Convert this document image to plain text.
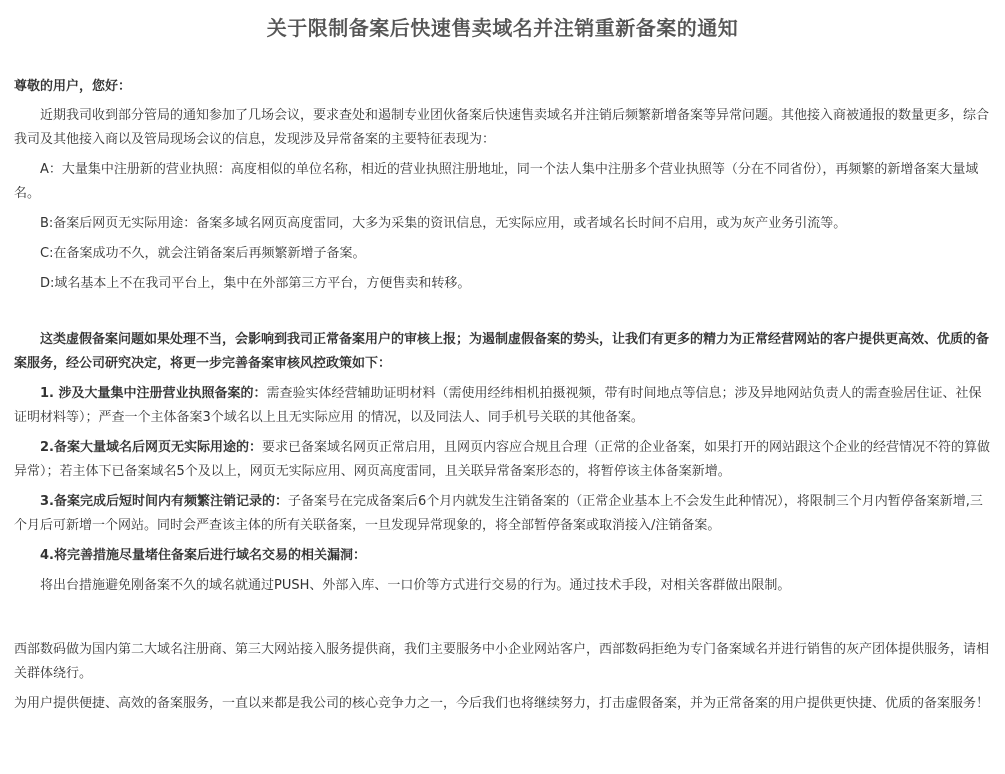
关于限制备案后快速售卖域名并注销重新备案的通知
尊敬的用户，您好：

近期我司收到部分管局的通知参加了几场会议，要求查处和遏制专业团伙备案后快速售卖域名并注销后频繁新增备案等异常问题。其他接入商被通报的数量更多，综合我司及其他接入商以及管局现场会议的信息，发现涉及异常备案的主要特征表现为：

A：大量集中注册新的营业执照：高度相似的单位名称，相近的营业执照注册地址，同一个法人集中注册多个营业执照等（分在不同省份），再频繁的新增备案大量域名。

B:备案后网页无实际用途：备案多域名网页高度雷同，大多为采集的资讯信息，无实际应用，或者域名长时间不启用，或为灰产业务引流等。

C:在备案成功不久，就会注销备案后再频繁新增子备案。

D:域名基本上不在我司平台上，集中在外部第三方平台，方便售卖和转移。

这类虚假备案问题如果处理不当，会影响到我司正常备案用户的审核上报；为遏制虚假备案的势头，让我们有更多的精力为正常经营网站的客户提供更高效、优质的备案服务，经公司研究决定，将更一步完善备案审核风控政策如下：

1. 涉及大量集中注册营业执照备案的：需查验实体经营辅助证明材料（需使用经纬相机拍摄视频，带有时间地点等信息；涉及异地网站负责人的需查验居住证、社保证明材料等）；严查一个主体备案3个域名以上且无实际应用 的情况，以及同法人、同手机号关联的其他备案。

2.备案大量域名后网页无实际用途的：要求已备案域名网页正常启用，且网页内容应合规且合理（正常的企业备案，如果打开的网站跟这个企业的经营情况不符的算做异常）；若主体下已备案域名5个及以上，网页无实际应用、网页高度雷同，且关联异常备案形态的，将暂停该主体备案新增。

3.备案完成后短时间内有频繁注销记录的：子备案号在完成备案后6个月内就发生注销备案的（正常企业基本上不会发生此种情况），将限制三个月内暂停备案新增,三个月后可新增一个网站。同时会严查该主体的所有关联备案，一旦发现异常现象的，将全部暂停备案或取消接入/注销备案。

4.将完善措施尽量堵住备案后进行域名交易的相关漏洞：

将出台措施避免刚备案不久的域名就通过PUSH、外部入库、一口价等方式进行交易的行为。通过技术手段，对相关客群做出限制。

西部数码做为国内第二大域名注册商、第三大网站接入服务提供商，我们主要服务中小企业网站客户，西部数码拒绝为专门备案域名并进行销售的灰产团体提供服务，请相关群体绕行。

为用户提供便捷、高效的备案服务，一直以来都是我公司的核心竞争力之一，今后我们也将继续努力，打击虚假备案，并为正常备案的用户提供更快捷、优质的备案服务！
